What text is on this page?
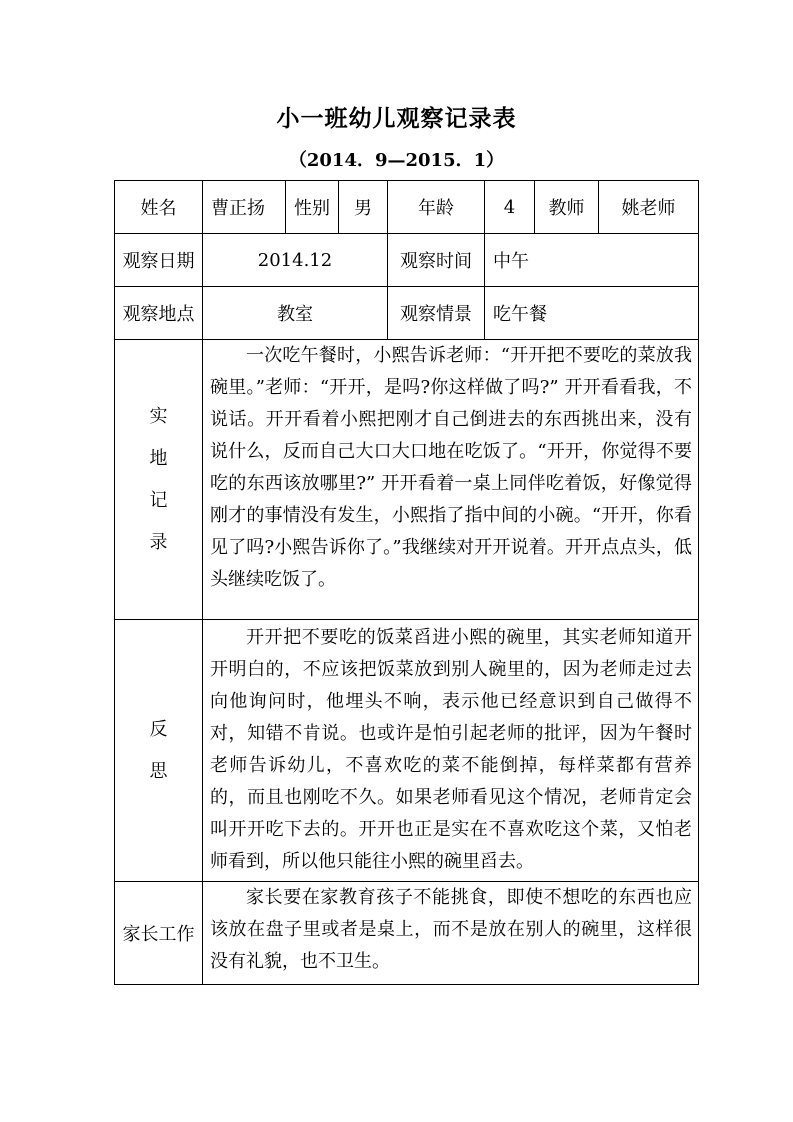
小一班幼儿观察记录表
（2014．9—2015．1）
姓名	曹正扬	性别	男	年龄	4	教师	姚老师
观察日期	2014.12			观察时间	中午		
观察地点	教室			观察情景	吃午餐		

实
地
记
录	一次吃午餐时，小熙告诉老师：“开开把不要吃的菜放我碗里。”老师：“开开，是吗?你这样做了吗?” 开开看看我，不说话。开开看着小熙把刚才自己倒进去的东西挑出来，没有说什么，反而自己大口大口地在吃饭了。“开开，你觉得不要吃的东西该放哪里?” 开开看着一桌上同伴吃着饭，好像觉得刚才的事情没有发生，小熙指了指中间的小碗。“开开，你看见了吗?小熙告诉你了。”我继续对开开说着。开开点点头，低头继续吃饭了。						

反
思	开开把不要吃的饭菜舀进小熙的碗里，其实老师知道开开明白的，不应该把饭菜放到别人碗里的，因为老师走过去向他询问时，他埋头不响，表示他已经意识到自己做得不对，知错不肯说。也或许是怕引起老师的批评，因为午餐时老师告诉幼儿，不喜欢吃的菜不能倒掉，每样菜都有营养的，而且也刚吃不久。如果老师看见这个情况，老师肯定会叫开开吃下去的。开开也正是实在不喜欢吃这个菜，又怕老师看到，所以他只能往小熙的碗里舀去。						
家长工作	家长要在家教育孩子不能挑食，即使不想吃的东西也应该放在盘子里或者是桌上，而不是放在别人的碗里，这样很没有礼貌，也不卫生。						
